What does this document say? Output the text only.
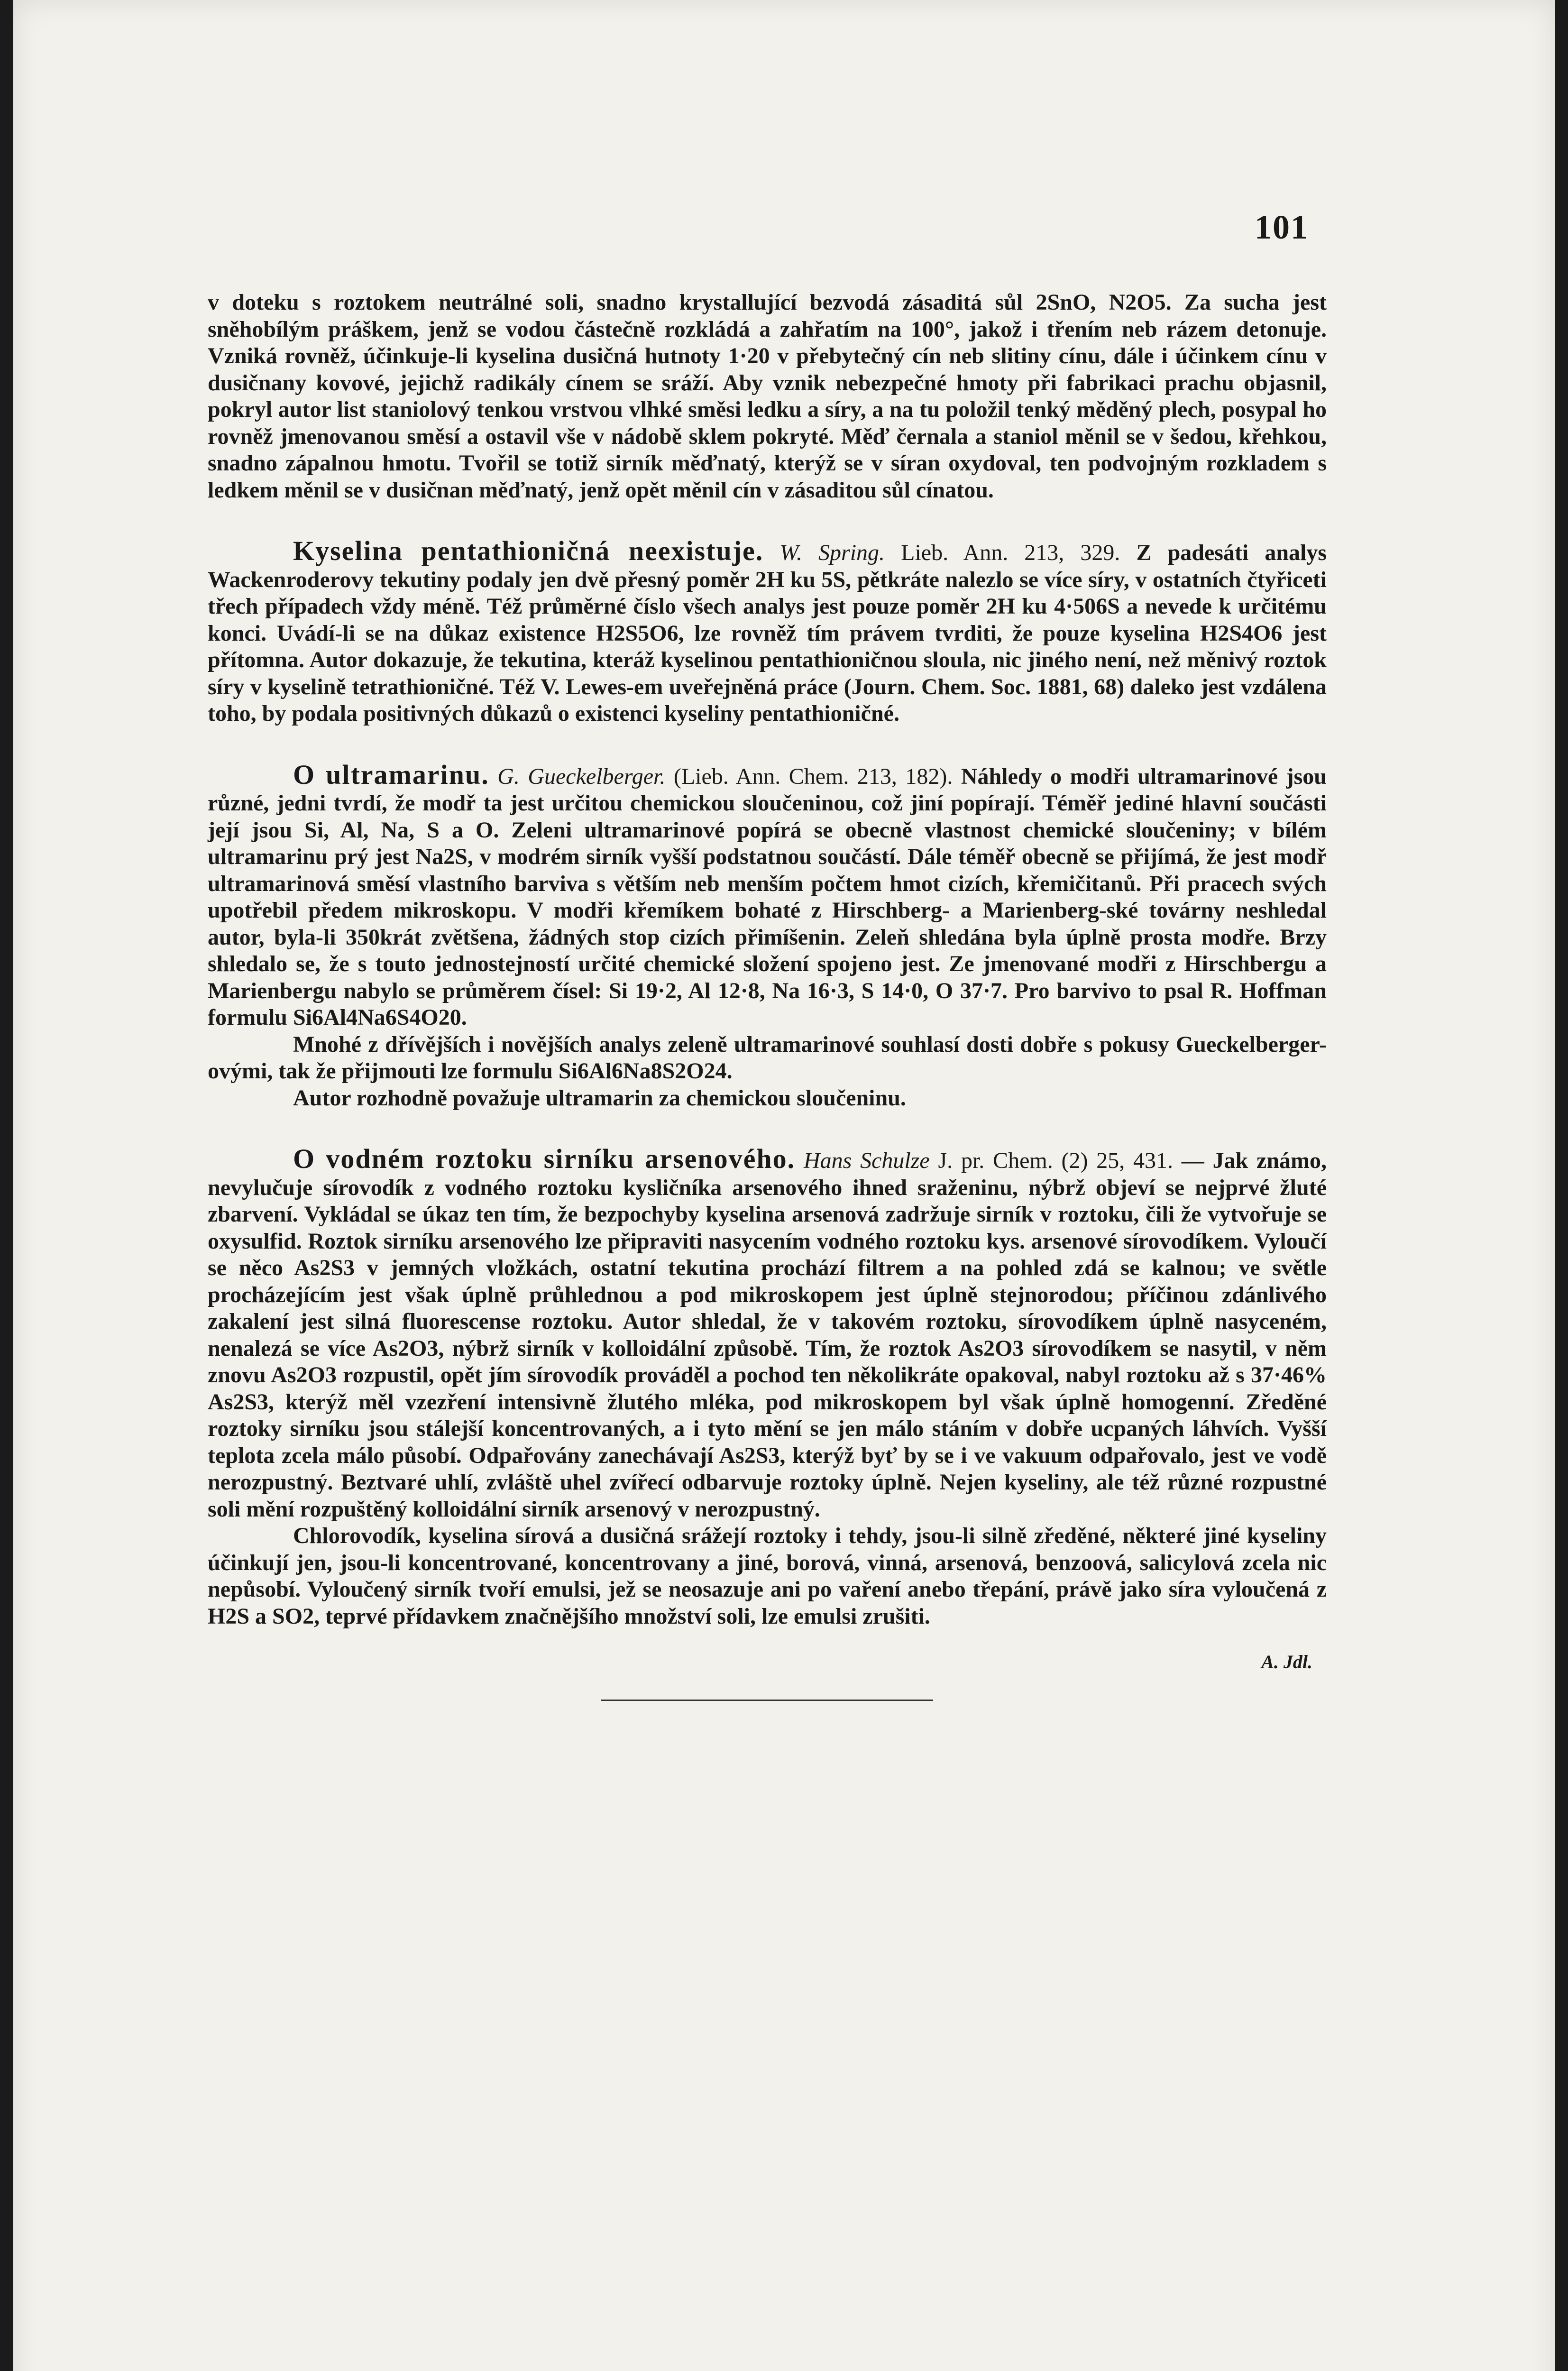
101

v doteku s roztokem neutrálné soli, snadno krystallující bezvodá zásaditá sůl 2SnO, N2O5. Za sucha jest sněhobílým práškem, jenž se vodou částečně rozkládá a zahřatím na 100°, jakož i třením neb rázem detonuje. Vzniká rovněž, účinkuje-li kyselina dusičná hutnoty 1·20 v přebytečný cín neb slitiny cínu, dále i účinkem cínu v dusičnany kovové, jejichž radikály cínem se sráží. Aby vznik nebezpečné hmoty při fabrikaci prachu objasnil, pokryl autor list staniolový tenkou vrstvou vlhké směsi ledku a síry, a na tu položil tenký měděný plech, posypal ho rovněž jmenovanou směsí a ostavil vše v nádobě sklem pokryté. Měď černala a staniol měnil se v šedou, křehkou, snadno zápalnou hmotu. Tvořil se totiž sirník měďnatý, kterýž se v síran oxydoval, ten podvojným rozkladem s ledkem měnil se v dusičnan měďnatý, jenž opět měnil cín v zásaditou sůl cínatou.

Kyselina pentathioničná neexistuje. W. Spring. Lieb. Ann. 213, 329. Z padesáti analys Wackenroderovy tekutiny podaly jen dvě přesný poměr 2H ku 5S, pětkráte nalezlo se více síry, v ostatních čtyřiceti třech případech vždy méně. Též průměrné číslo všech analys jest pouze poměr 2H ku 4·506S a nevede k určitému konci. Uvádí-li se na důkaz existence H2S5O6, lze rovněž tím právem tvrditi, že pouze kyselina H2S4O6 jest přítomna. Autor dokazuje, že tekutina, kteráž kyselinou pentathioničnou sloula, nic jiného není, než měnivý roztok síry v kyselině tetrathioničné. Též V. Lewes-em uveřejněná práce (Journ. Chem. Soc. 1881, 68) daleko jest vzdálena toho, by podala positivných důkazů o existenci kyseliny pentathioničné.

O ultramarinu. G. Gueckelberger. (Lieb. Ann. Chem. 213, 182). Náhledy o modři ultramarinové jsou různé, jedni tvrdí, že modř ta jest určitou chemickou sloučeninou, což jiní popírají. Téměř jediné hlavní součásti její jsou Si, Al, Na, S a O. Zeleni ultramarinové popírá se obecně vlastnost chemické sloučeniny; v bílém ultramarinu prý jest Na2S, v modrém sirník vyšší podstatnou součástí. Dále téměř obecně se přijímá, že jest modř ultramarinová směsí vlastního barviva s větším neb menším počtem hmot cizích, křemičitanů. Při pracech svých upotřebil předem mikroskopu. V modři křemíkem bohaté z Hirschberg- a Marienberg-ské továrny neshledal autor, byla-li 350krát zvětšena, žádných stop cizích přimíšenin. Zeleň shledána byla úplně prosta modře. Brzy shledalo se, že s touto jednostejností určité chemické složení spojeno jest. Ze jmenované modři z Hirschbergu a Marienbergu nabylo se průměrem čísel: Si 19·2, Al 12·8, Na 16·3, S 14·0, O 37·7. Pro barvivo to psal R. Hoffman formulu Si6Al4Na6S4O20.

Mnohé z dřívějších i novějších analys zeleně ultramarinové souhlasí dosti dobře s pokusy Gueckelberger-ovými, tak že přijmouti lze formulu Si6Al6Na8S2O24.

Autor rozhodně považuje ultramarin za chemickou sloučeninu.

O vodném roztoku sirníku arsenového. Hans Schulze J. pr. Chem. (2) 25, 431. — Jak známo, nevylučuje sírovodík z vodného roztoku kysličníka arsenového ihned sraženinu, nýbrž objeví se nejprvé žluté zbarvení. Vykládal se úkaz ten tím, že bezpochyby kyselina arsenová zadržuje sirník v roztoku, čili že vytvořuje se oxysulfid. Roztok sirníku arsenového lze připraviti nasycením vodného roztoku kys. arsenové sírovodíkem. Vyloučí se něco As2S3 v jemných vložkách, ostatní tekutina prochází filtrem a na pohled zdá se kalnou; ve světle procházejícím jest však úplně průhlednou a pod mikroskopem jest úplně stejnorodou; příčinou zdánlivého zakalení jest silná fluorescense roztoku. Autor shledal, že v takovém roztoku, sírovodíkem úplně nasyceném, nenalezá se více As2O3, nýbrž sirník v kolloidální způsobě. Tím, že roztok As2O3 sírovodíkem se nasytil, v něm znovu As2O3 rozpustil, opět jím sírovodík prováděl a pochod ten několikráte opakoval, nabyl roztoku až s 37·46% As2S3, kterýž měl vzezření intensivně žlutého mléka, pod mikroskopem byl však úplně homogenní. Zředěné roztoky sirníku jsou stálejší koncentrovaných, a i tyto mění se jen málo stáním v dobře ucpaných láhvích. Vyšší teplota zcela málo působí. Odpařovány zanechávají As2S3, kterýž byť by se i ve vakuum odpařovalo, jest ve vodě nerozpustný. Beztvaré uhlí, zvláště uhel zvířecí odbarvuje roztoky úplně. Nejen kyseliny, ale též různé rozpustné soli mění rozpuštěný kolloidální sirník arsenový v nerozpustný.

Chlorovodík, kyselina sírová a dusičná srážejí roztoky i tehdy, jsou-li silně zředěné, některé jiné kyseliny účinkují jen, jsou-li koncentrované, koncentrovany a jiné, borová, vinná, arsenová, benzoová, salicylová zcela nic nepůsobí. Vyloučený sirník tvoří emulsi, jež se neosazuje ani po vaření anebo třepání, právě jako síra vyloučená z H2S a SO2, teprvé přídavkem značnějšího množství soli, lze emulsi zrušiti.

A. Jdl.
